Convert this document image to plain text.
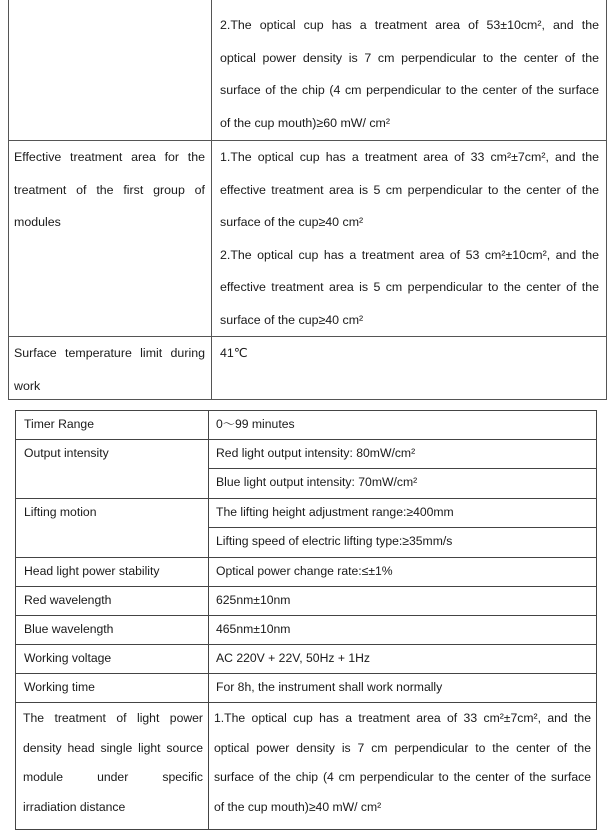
2.The optical cup has a treatment area of 53±10cm², and the
optical power density is 7 cm perpendicular to the center of the
surface of the chip (4 cm perpendicular to the center of the surface
of the cup mouth)≥60 mW/ cm²
Effective treatment area for the
treatment of the first group of
modules
1.The optical cup has a treatment area of 33 cm²±7cm², and the
effective treatment area is 5 cm perpendicular to the center of the
surface of the cup≥40 cm²
2.The optical cup has a treatment area of 53 cm²±10cm², and the
effective treatment area is 5 cm perpendicular to the center of the
surface of the cup≥40 cm²
Surface temperature limit during
work
41℃
Timer Range
Output intensity
Lifting motion
Head light power stability
Red wavelength
Blue wavelength
Working voltage
Working time
0～99 minutes
Red light output intensity: 80mW/cm²
Blue light output intensity: 70mW/cm²
The lifting height adjustment range:≥400mm
Lifting speed of electric lifting type:≥35mm/s
Optical power change rate:≤±1%
625nm±10nm
465nm±10nm
AC 220V + 22V, 50Hz + 1Hz
For 8h, the instrument shall work normally
The treatment of light power
density head single light source
module under specific
irradiation distance
1.The optical cup has a treatment area of 33 cm²±7cm², and the
optical power density is 7 cm perpendicular to the center of the
surface of the chip (4 cm perpendicular to the center of the surface
of the cup mouth)≥40 mW/ cm²
